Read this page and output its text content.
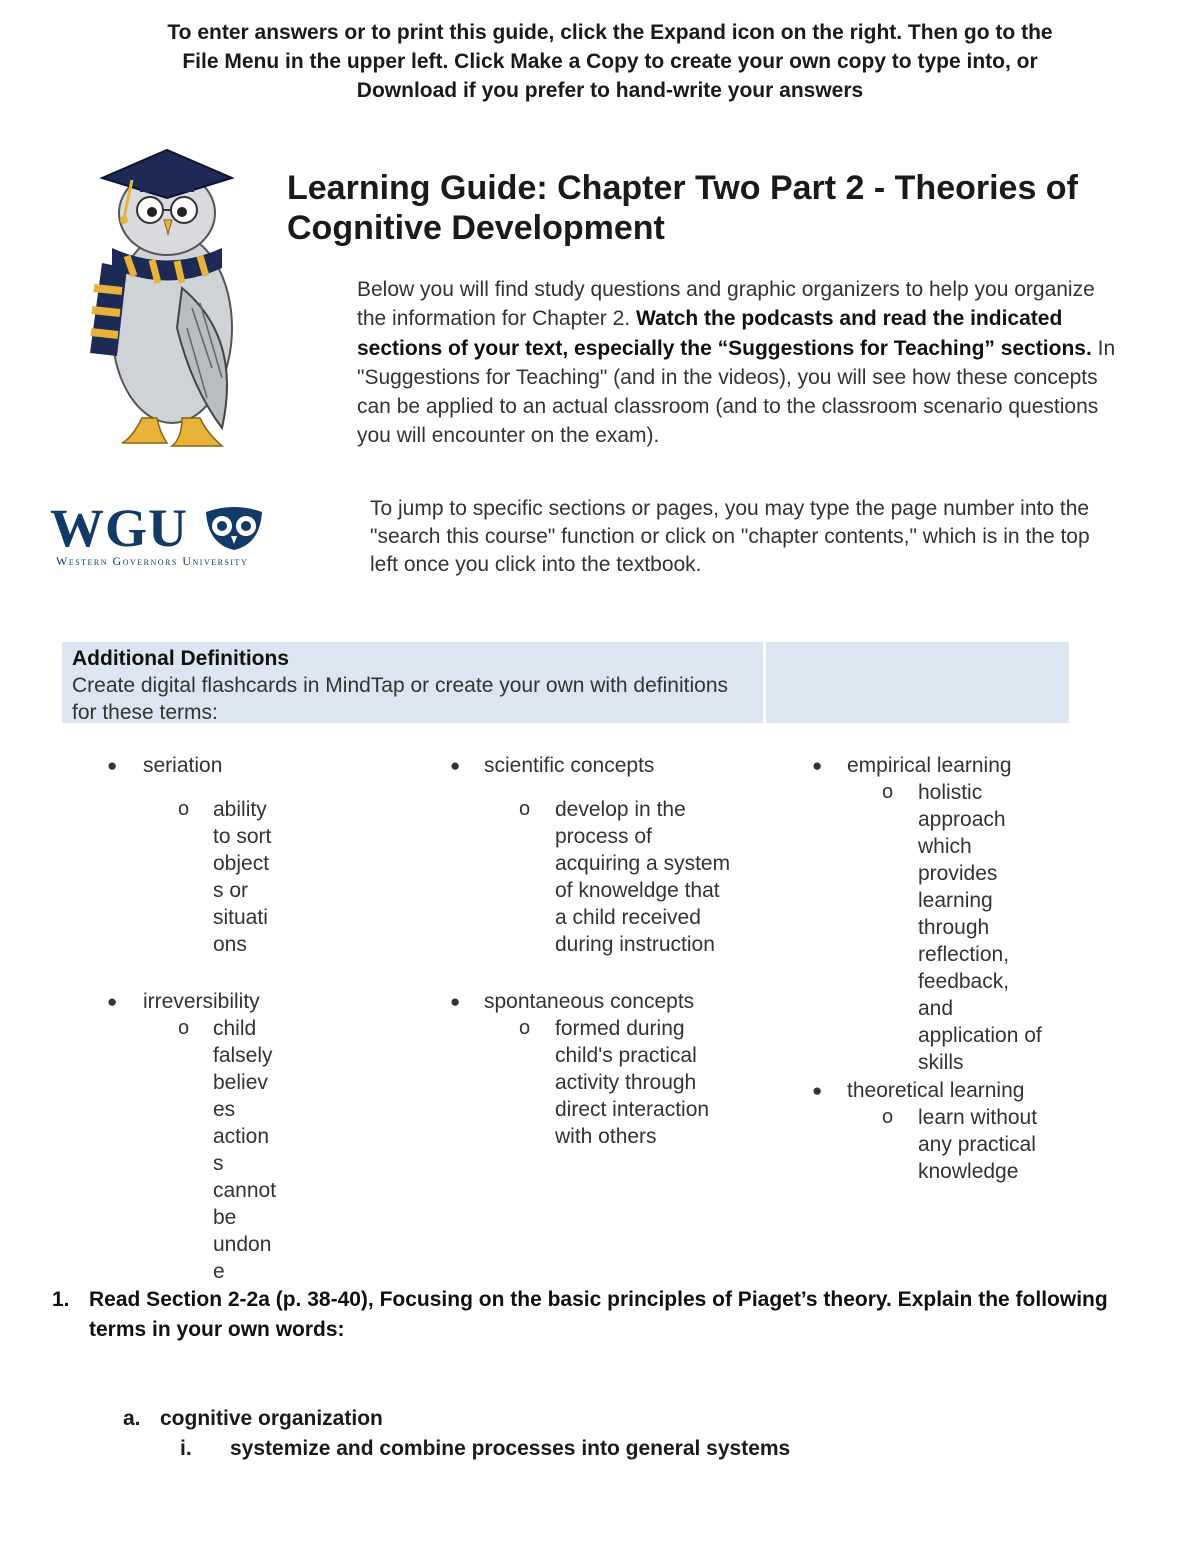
To enter answers or to print this guide, click the Expand icon on the right. Then go to the
File Menu in the upper left. Click Make a Copy to create your own copy to type into, or
Download if you prefer to hand-write your answers
WGU
Western Governors University
Learning Guide: Chapter Two Part 2 - Theories of Cognitive Development
Below you will find study questions and graphic organizers to help you organize the information for Chapter 2. Watch the podcasts and read the indicated sections of your text, especially the “Suggestions for Teaching” sections. In "Suggestions for Teaching" (and in the videos), you will see how these concepts can be applied to an actual classroom (and to the classroom scenario questions you will encounter on the exam).
To jump to specific sections or pages, you may type the page number into the "search this course" function or click on "chapter contents," which is in the top left once you click into the textbook.
Additional Definitions
Create digital flashcards in MindTap or create your own with definitions for these terms:
● seriation
o ability
to sort
object
s or
situati
ons
● irreversibility
o child
falsely
believ
es
action
s
cannot
be
undon
e
● scientific concepts
o develop in the
process of
acquiring a system
of knoweldge that
a child received
during instruction
● spontaneous concepts
o formed during
child's practical
activity through
direct interaction
with others
● empirical learning
o holistic
approach
which
provides
learning
through
reflection,
feedback,
and
application of
skills
● theoretical learning
o learn without
any practical
knowledge
1. Read Section 2-2a (p. 38-40), Focusing on the basic principles of Piaget’s theory. Explain the following terms in your own words:
a. cognitive organization
i. systemize and combine processes into general systems
